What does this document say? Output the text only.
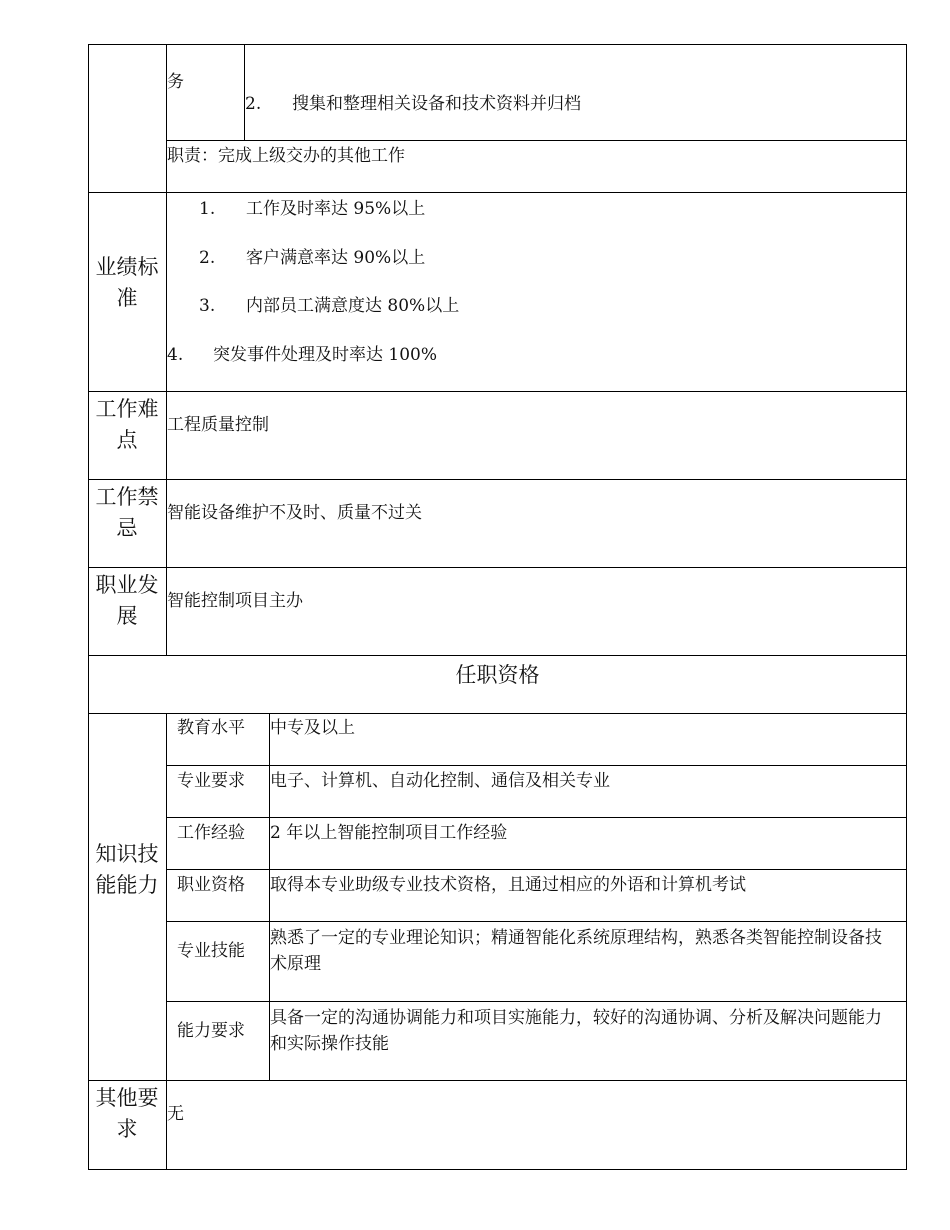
务
2. 搜集和整理相关设备和技术资料并归档
职责：完成上级交办的其他工作
业绩标准
1. 工作及时率达 95%以上
2. 客户满意率达 90%以上
3. 内部员工满意度达 80%以上
4. 突发事件处理及时率达 100%
工作难点
工程质量控制
工作禁忌
智能设备维护不及时、质量不过关
职业发展
智能控制项目主办
任职资格
知识技能能力
教育水平 中专及以上
专业要求 电子、计算机、自动化控制、通信及相关专业
工作经验 2 年以上智能控制项目工作经验
职业资格 取得本专业助级专业技术资格，且通过相应的外语和计算机考试
专业技能
熟悉了一定的专业理论知识；精通智能化系统原理结构，熟悉各类智能控制设备技术原理
能力要求
具备一定的沟通协调能力和项目实施能力，较好的沟通协调、分析及解决问题能力和实际操作技能
其他要求
无
